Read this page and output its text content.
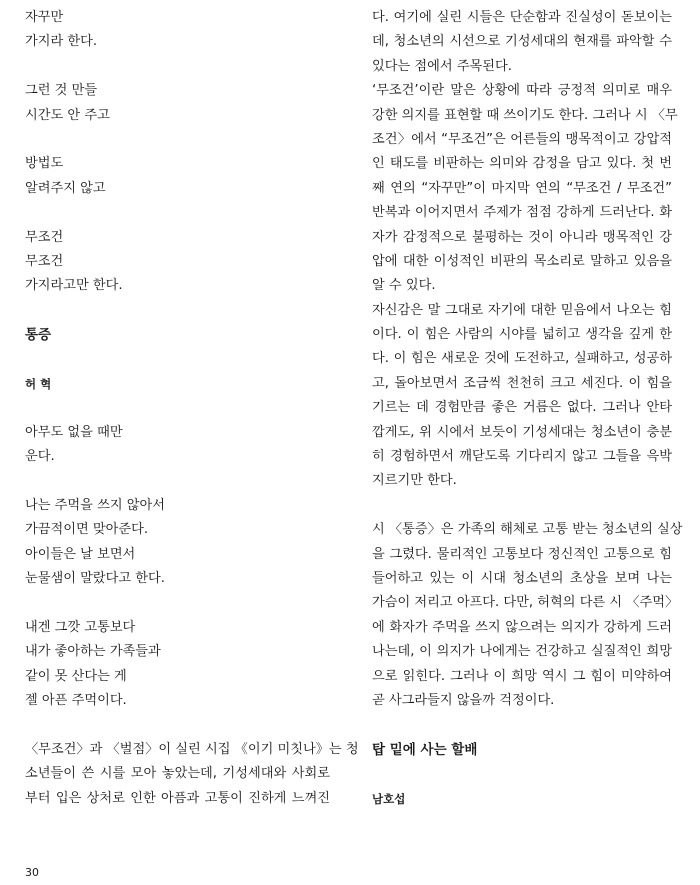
자꾸만
가지라 한다.
그런 것 만들
시간도 안 주고
방법도
알려주지 않고
무조건
무조건
가지라고만 한다.
통증
허 혁
아무도 없을 때만
운다.
나는 주먹을 쓰지 않아서
가끔적이면 맞아준다.
아이들은 날 보면서
눈물샘이 말랐다고 한다.
내겐 그깟 고통보다
내가 좋아하는 가족들과
같이 못 산다는 게
젤 아픈 주먹이다.
〈무조건〉과 〈벌점〉이 실린 시집 《이기 미칫나》는 청
소년들이 쓴 시를 모아 놓았는데, 기성세대와 사회로
부터 입은 상처로 인한 아픔과 고통이 진하게 느껴진
다. 여기에 실린 시들은 단순함과 진실성이 돋보이는
데, 청소년의 시선으로 기성세대의 현재를 파악할 수
있다는 점에서 주목된다.
‘무조건’이란 말은 상황에 따라 긍정적 의미로 매우
강한 의지를 표현할 때 쓰이기도 한다. 그러나 시 〈무
조건〉에서 “무조건”은 어른들의 맹목적이고 강압적
인 태도를 비판하는 의미와 감정을 담고 있다. 첫 번
째 연의 “자꾸만”이 마지막 연의 “무조건 / 무조건”
반복과 이어지면서 주제가 점점 강하게 드러난다. 화
자가 감정적으로 불평하는 것이 아니라 맹목적인 강
압에 대한 이성적인 비판의 목소리로 말하고 있음을
알 수 있다.
자신감은 말 그대로 자기에 대한 믿음에서 나오는 힘
이다. 이 힘은 사람의 시야를 넓히고 생각을 깊게 한
다. 이 힘은 새로운 것에 도전하고, 실패하고, 성공하
고, 돌아보면서 조금씩 천천히 크고 세진다. 이 힘을
기르는 데 경험만큼 좋은 거름은 없다. 그러나 안타
깝게도, 위 시에서 보듯이 기성세대는 청소년이 충분
히 경험하면서 깨닫도록 기다리지 않고 그들을 윽박
지르기만 한다.
시 〈통증〉은 가족의 해체로 고통 받는 청소년의 실상
을 그렸다. 물리적인 고통보다 정신적인 고통으로 힘
들어하고 있는 이 시대 청소년의 초상을 보며 나는
가슴이 저리고 아프다. 다만, 허혁의 다른 시 〈주먹〉
에 화자가 주먹을 쓰지 않으려는 의지가 강하게 드러
나는데, 이 의지가 나에게는 건강하고 실질적인 희망
으로 읽힌다. 그러나 이 희망 역시 그 힘이 미약하여
곧 사그라들지 않을까 걱정이다.
탑 밑에 사는 할배
남호섭
30
